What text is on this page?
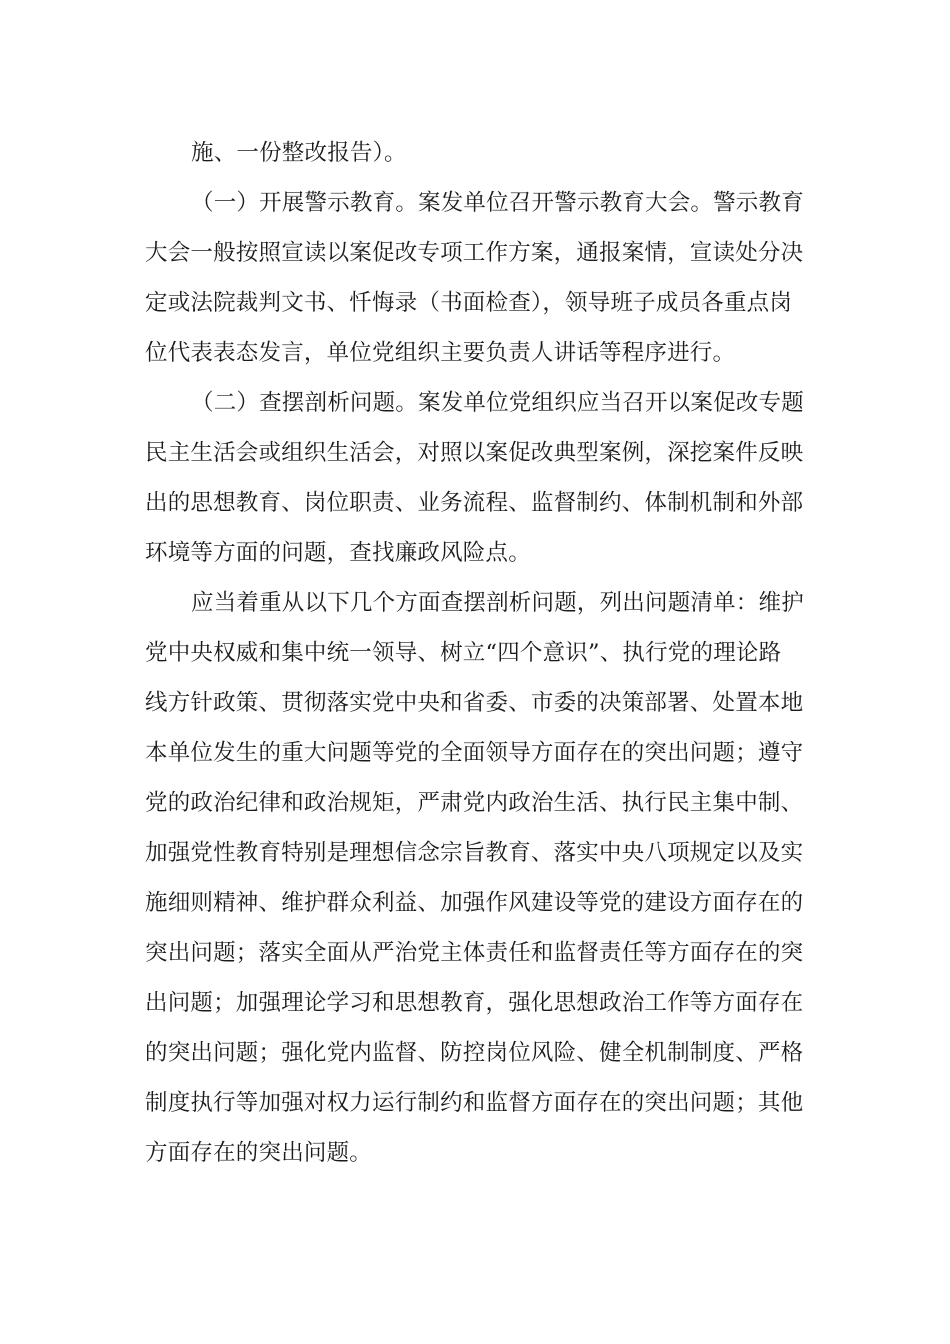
施、一份整改报告）。
（一）开展警示教育。案发单位召开警示教育大会。警示教育
大会一般按照宣读以案促改专项工作方案，通报案情，宣读处分决
定或法院裁判文书、忏悔录（书面检查），领导班子成员各重点岗
位代表表态发言，单位党组织主要负责人讲话等程序进行。
（二）查摆剖析问题。案发单位党组织应当召开以案促改专题
民主生活会或组织生活会，对照以案促改典型案例，深挖案件反映
出的思想教育、岗位职责、业务流程、监督制约、体制机制和外部
环境等方面的问题，查找廉政风险点。
应当着重从以下几个方面查摆剖析问题，列出问题清单：维护
党中央权威和集中统一领导、树立“四个意识”、执行党的理论路
线方针政策、贯彻落实党中央和省委、市委的决策部署、处置本地
本单位发生的重大问题等党的全面领导方面存在的突出问题；遵守
党的政治纪律和政治规矩，严肃党内政治生活、执行民主集中制、
加强党性教育特别是理想信念宗旨教育、落实中央八项规定以及实
施细则精神、维护群众利益、加强作风建设等党的建设方面存在的
突出问题；落实全面从严治党主体责任和监督责任等方面存在的突
出问题；加强理论学习和思想教育，强化思想政治工作等方面存在
的突出问题；强化党内监督、防控岗位风险、健全机制制度、严格
制度执行等加强对权力运行制约和监督方面存在的突出问题；其他
方面存在的突出问题。
